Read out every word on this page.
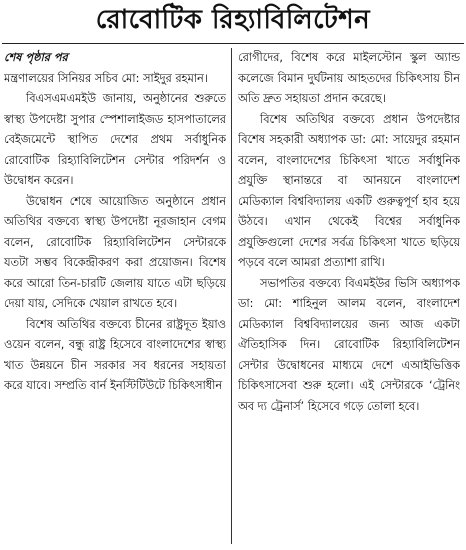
রোবোটিক রিহ্যাবিলিটেশন
শেষ পৃষ্ঠার পর

মন্ত্রণালয়ের সিনিয়র সচিব মো: সাইদুর রহমান।

বিএসএমএমইউ জানায়, অনুষ্ঠানের শুরুতে স্বাস্থ্য উপদেষ্টা সুপার স্পেশালাইজড হাসপাতালের বেইজমেন্টে স্থাপিত দেশের প্রথম সর্বাধুনিক রোবোটিক রিহ্যাবিলিটেশন সেন্টার পরিদর্শন ও উদ্বোধন করেন।

উদ্বোধন শেষে আয়োজিত অনুষ্ঠানে প্রধান অতিথির বক্তব্যে স্বাস্থ্য উপদেষ্টা নূরজাহান বেগম বলেন, রোবোটিক রিহ্যাবিলিটেশন সেন্টারকে যতটা সম্ভব বিকেন্দ্রীকরণ করা প্রয়োজন। বিশেষ করে আরো তিন-চারটি জেলায় যাতে এটা ছড়িয়ে দেয়া যায়, সেদিকে খেয়াল রাখতে হবে।

বিশেষ অতিথির বক্তব্যে চীনের রাষ্ট্রদূত ইয়াও ওয়েন বলেন, বন্ধু রাষ্ট্র হিসেবে বাংলাদেশের স্বাস্থ্য খাত উন্নয়নে চীন সরকার সব ধরনের সহায়তা করে যাবে। সম্প্রতি বার্ন ইনস্টিটিউটে চিকিৎসাধীন

রোগীদের, বিশেষ করে মাইলস্টোন স্কুল অ্যান্ড কলেজে বিমান দুর্ঘটনায় আহতদের চিকিৎসায় চীন অতি দ্রুত সহায়তা প্রদান করেছে।

বিশেষ অতিথির বক্তব্যে প্রধান উপদেষ্টার বিশেষ সহকারী অধ্যাপক ডা: মো: সায়েদুর রহমান বলেন, বাংলাদেশের চিকিৎসা খাতে সর্বাধুনিক প্রযুক্তি স্থানান্তরে বা আনয়নে বাংলাদেশ মেডিক্যাল বিশ্ববিদ্যালয় একটি গুরুত্বপূর্ণ হাব হয়ে উঠবে। এখান থেকেই বিশ্বের সর্বাধুনিক প্রযুক্তিগুলো দেশের সর্বত্র চিকিৎসা খাতে ছড়িয়ে পড়বে বলে আমরা প্রত্যাশা রাখি।

সভাপতির বক্তব্যে বিএমইউর ভিসি অধ্যাপক ডা: মো: শাহিনুল আলম বলেন, বাংলাদেশ মেডিক্যাল বিশ্ববিদ্যালয়ের জন্য আজ একটা ঐতিহাসিক দিন। রোবোটিক রিহ্যাবিলিটেশন সেন্টার উদ্বোধনের মাধ্যমে দেশে এআইভিত্তিক চিকিৎসাসেবা শুরু হলো। এই সেন্টারকে ‘ট্রেনিং অব দ্য ট্রেনার্স’ হিসেবে গড়ে তোলা হবে।
